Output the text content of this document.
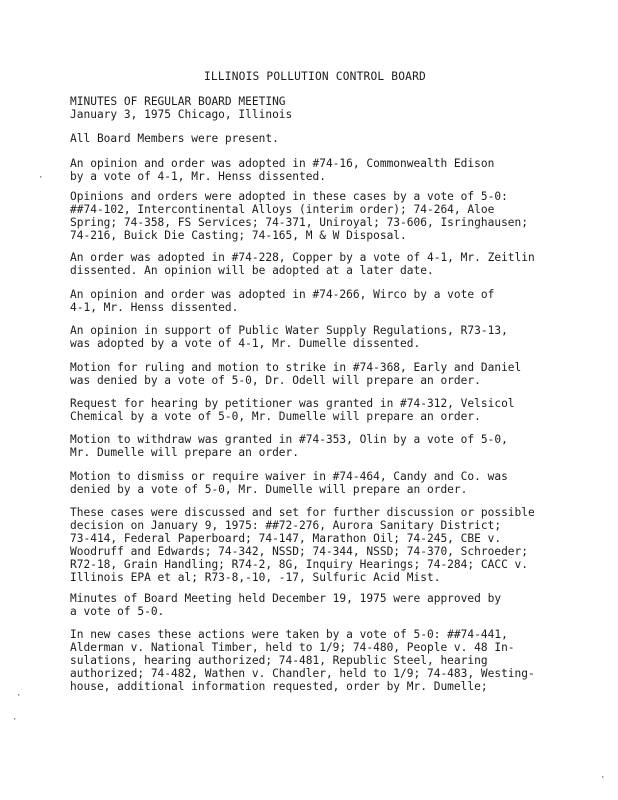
ILLINOIS POLLUTION CONTROL BOARD
MINUTES OF REGULAR BOARD MEETING
January 3, 1975 Chicago, Illinois
All Board Members were present.
An opinion and order was adopted in #74-16, Commonwealth Edison
by a vote of 4-1, Mr. Henss dissented.
Opinions and orders were adopted in these cases by a vote of 5-0:
##74-102, Intercontinental Alloys (interim order); 74-264, Aloe
Spring; 74-358, FS Services; 74-371, Uniroyal; 73-606, Isringhausen;
74-216, Buick Die Casting; 74-165, M & W Disposal.
An order was adopted in #74-228, Copper by a vote of 4-1, Mr. Zeitlin
dissented. An opinion will be adopted at a later date.
An opinion and order was adopted in #74-266, Wirco by a vote of
4-1, Mr. Henss dissented.
An opinion in support of Public Water Supply Regulations, R73-13,
was adopted by a vote of 4-1, Mr. Dumelle dissented.
Motion for ruling and motion to strike in #74-368, Early and Daniel
was denied by a vote of 5-0, Dr. Odell will prepare an order.
Request for hearing by petitioner was granted in #74-312, Velsicol
Chemical by a vote of 5-0, Mr. Dumelle will prepare an order.
Motion to withdraw was granted in #74-353, Olin by a vote of 5-0,
Mr. Dumelle will prepare an order.
Motion to dismiss or require waiver in #74-464, Candy and Co. was
denied by a vote of 5-0, Mr. Dumelle will prepare an order.
These cases were discussed and set for further discussion or possible
decision on January 9, 1975: ##72-276, Aurora Sanitary District;
73-414, Federal Paperboard; 74-147, Marathon Oil; 74-245, CBE v.
Woodruff and Edwards; 74-342, NSSD; 74-344, NSSD; 74-370, Schroeder;
R72-18, Grain Handling; R74-2, 8G, Inquiry Hearings; 74-284; CACC v.
Illinois EPA et al; R73-8,-10, -17, Sulfuric Acid Mist.
Minutes of Board Meeting held December 19, 1975 were approved by
a vote of 5-0.
In new cases these actions were taken by a vote of 5-0: ##74-441,
Alderman v. National Timber, held to 1/9; 74-480, People v. 48 In-
sulations, hearing authorized; 74-481, Republic Steel, hearing
authorized; 74-482, Wathen v. Chandler, held to 1/9; 74-483, Westing-
house, additional information requested, order by Mr. Dumelle;
·
·
·
·
